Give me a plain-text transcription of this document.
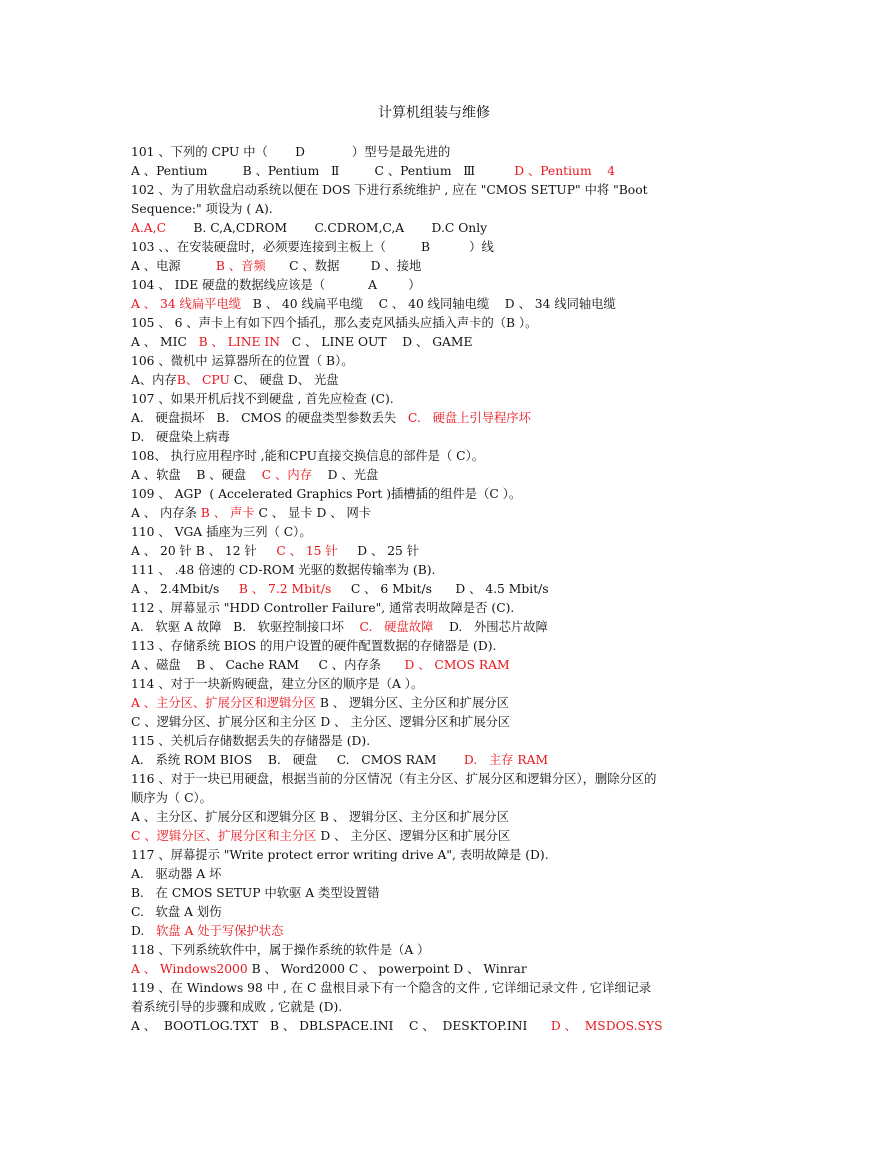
计算机组装与维修
101 、下列的 CPU 中（       D            ）型号是最先进的
A 、Pentium         B 、Pentium   Ⅱ         C 、Pentium   Ⅲ          D 、Pentium    4
102 、为了用软盘启动系统以便在 DOS 下进行系统维护 , 应在 "CMOS SETUP" 中将 "Boot
Sequence:" 项设为 ( A).
A.A,C       B. C,A,CDROM       C.CDROM,C,A       D.C Only
103 、、在安装硬盘时，必须要连接到主板上（         B          ）线
A 、电源         B 、音频      C 、数据        D 、接地
104 、 IDE 硬盘的数据线应该是（           A        ）
A 、 34 线扁平电缆   B 、 40 线扁平电缆    C 、 40 线同轴电缆    D 、 34 线同轴电缆
105 、 6 、声卡上有如下四个插孔，那么麦克风插头应插入声卡的（B ）。
A 、 MIC   B 、 LINE IN   C 、 LINE OUT    D 、 GAME
106 、微机中 运算器所在的位置（ B）。
A、内存B、 CPU C、 硬盘 D、 光盘
107 、如果开机后找不到硬盘 , 首先应检查 (C).
A.   硬盘损坏   B.   CMOS 的硬盘类型参数丢失   C.   硬盘上引导程序坏
D.   硬盘染上病毒
108、 执行应用程序时 ,能和CPU直接交换信息的部件是（ C）。
A 、软盘    B 、硬盘    C 、内存    D 、光盘
109 、 AGP  ( Accelerated Graphics Port )插槽插的组件是（C ）。
A 、 内存条 B 、 声卡 C 、 显卡 D 、 网卡
110 、 VGA 插座为三列（ C）。
A 、 20 针 B 、 12 针     C 、 15 针     D 、 25 针
111 、 .48 倍速的 CD-ROM 光驱的数据传输率为 (B).
A 、 2.4Mbit/s     B 、 7.2 Mbit/s     C 、 6 Mbit/s      D 、 4.5 Mbit/s
112 、屏幕显示 "HDD Controller Failure", 通常表明故障是否 (C).
A.   软驱 A 故障   B.   软驱控制接口坏    C.   硬盘故障    D.   外围芯片故障
113 、存储系统 BIOS 的用户设置的硬件配置数据的存储器是 (D).
A 、磁盘    B 、 Cache RAM     C 、内存条      D 、 CMOS RAM
114 、对于一块新购硬盘，建立分区的顺序是（A ）。
A 、主分区、扩展分区和逻辑分区 B 、 逻辑分区、主分区和扩展分区
C 、逻辑分区、扩展分区和主分区 D 、 主分区、逻辑分区和扩展分区
115 、关机后存储数据丢失的存储器是 (D).
A.   系统 ROM BIOS    B.   硬盘     C.   CMOS RAM       D.   主存 RAM
116 、对于一块已用硬盘，根据当前的分区情况（有主分区、扩展分区和逻辑分区），删除分区的
顺序为（ C）。
A 、主分区、扩展分区和逻辑分区 B 、 逻辑分区、主分区和扩展分区
C 、逻辑分区、扩展分区和主分区 D 、 主分区、逻辑分区和扩展分区
117 、屏幕提示 "Write protect error writing drive A", 表明故障是 (D).
A.   驱动器 A 坏
B.   在 CMOS SETUP 中软驱 A 类型设置错
C.   软盘 A 划伤
D.   软盘 A 处于写保护状态
118 、下列系统软件中，属于操作系统的软件是（A ）
A 、 Windows2000 B 、 Word2000 C 、 powerpoint D 、 Winrar
119 、在 Windows 98 中 , 在 C 盘根目录下有一个隐含的文件 , 它详细记录文件 , 它详细记录
着系统引导的步骤和成败 , 它就是 (D).
A 、  BOOTLOG.TXT   B 、 DBLSPACE.INI    C 、  DESKTOP.INI      D 、  MSDOS.SYS
